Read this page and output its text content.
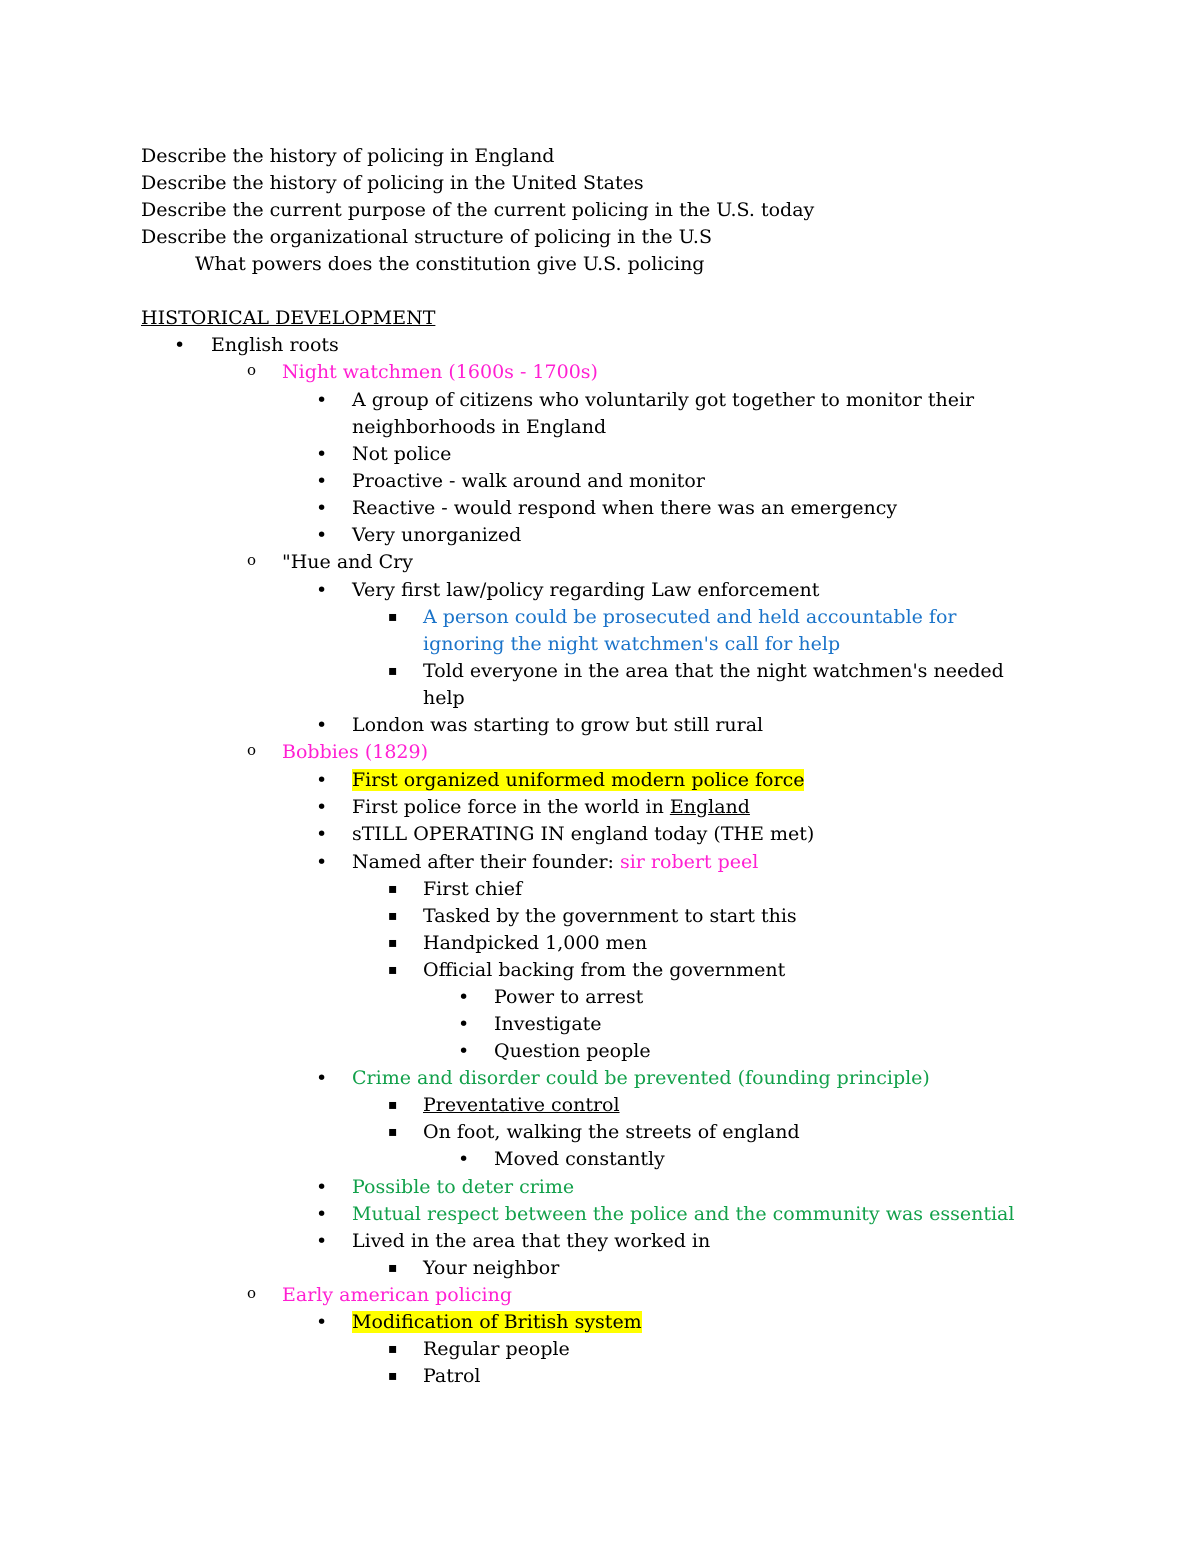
Describe the history of policing in England
Describe the history of policing in the United States
Describe the current purpose of the current policing in the U.S. today
Describe the organizational structure of policing in the U.S
What powers does the constitution give U.S. policing
HISTORICAL DEVELOPMENT
• English roots
o Night watchmen (1600s - 1700s)
• A group of citizens who voluntarily got together to monitor their
neighborhoods in England
• Not police
• Proactive - walk around and monitor
• Reactive - would respond when there was an emergency
• Very unorganized
o "Hue and Cry
• Very first law/policy regarding Law enforcement
▪ A person could be prosecuted and held accountable for
ignoring the night watchmen's call for help
▪ Told everyone in the area that the night watchmen's needed
help
• London was starting to grow but still rural
o Bobbies (1829)
• First organized uniformed modern police force
• First police force in the world in England
• sTILL OPERATING IN england today (THE met)
• Named after their founder: sir robert peel
▪ First chief
▪ Tasked by the government to start this
▪ Handpicked 1,000 men
▪ Official backing from the government
• Power to arrest
• Investigate
• Question people
• Crime and disorder could be prevented (founding principle)
▪ Preventative control
▪ On foot, walking the streets of england
• Moved constantly
• Possible to deter crime
• Mutual respect between the police and the community was essential
• Lived in the area that they worked in
▪ Your neighbor
o Early american policing
• Modification of British system
▪ Regular people
▪ Patrol
